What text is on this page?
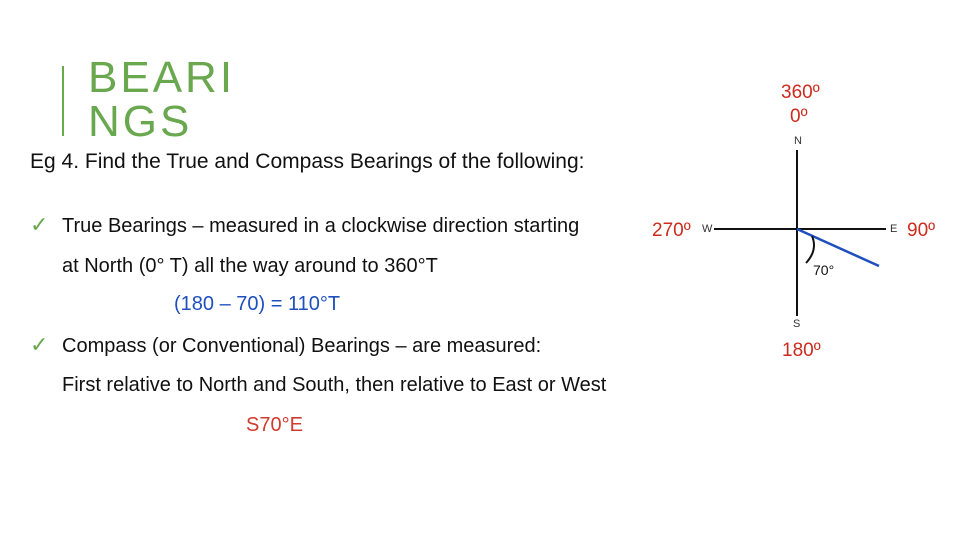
BEARI
NGS
Eg 4. Find the True and Compass Bearings of the following:
✓ True Bearings – measured in a clockwise direction starting
at North (0° T) all the way around to 360°T
(180 – 70) = 110°T
✓ Compass (or Conventional) Bearings – are measured:
First relative to North and South, then relative to East or West
S70°E
360º
0º
N
W
270º	E 90º
70°
S
180º
